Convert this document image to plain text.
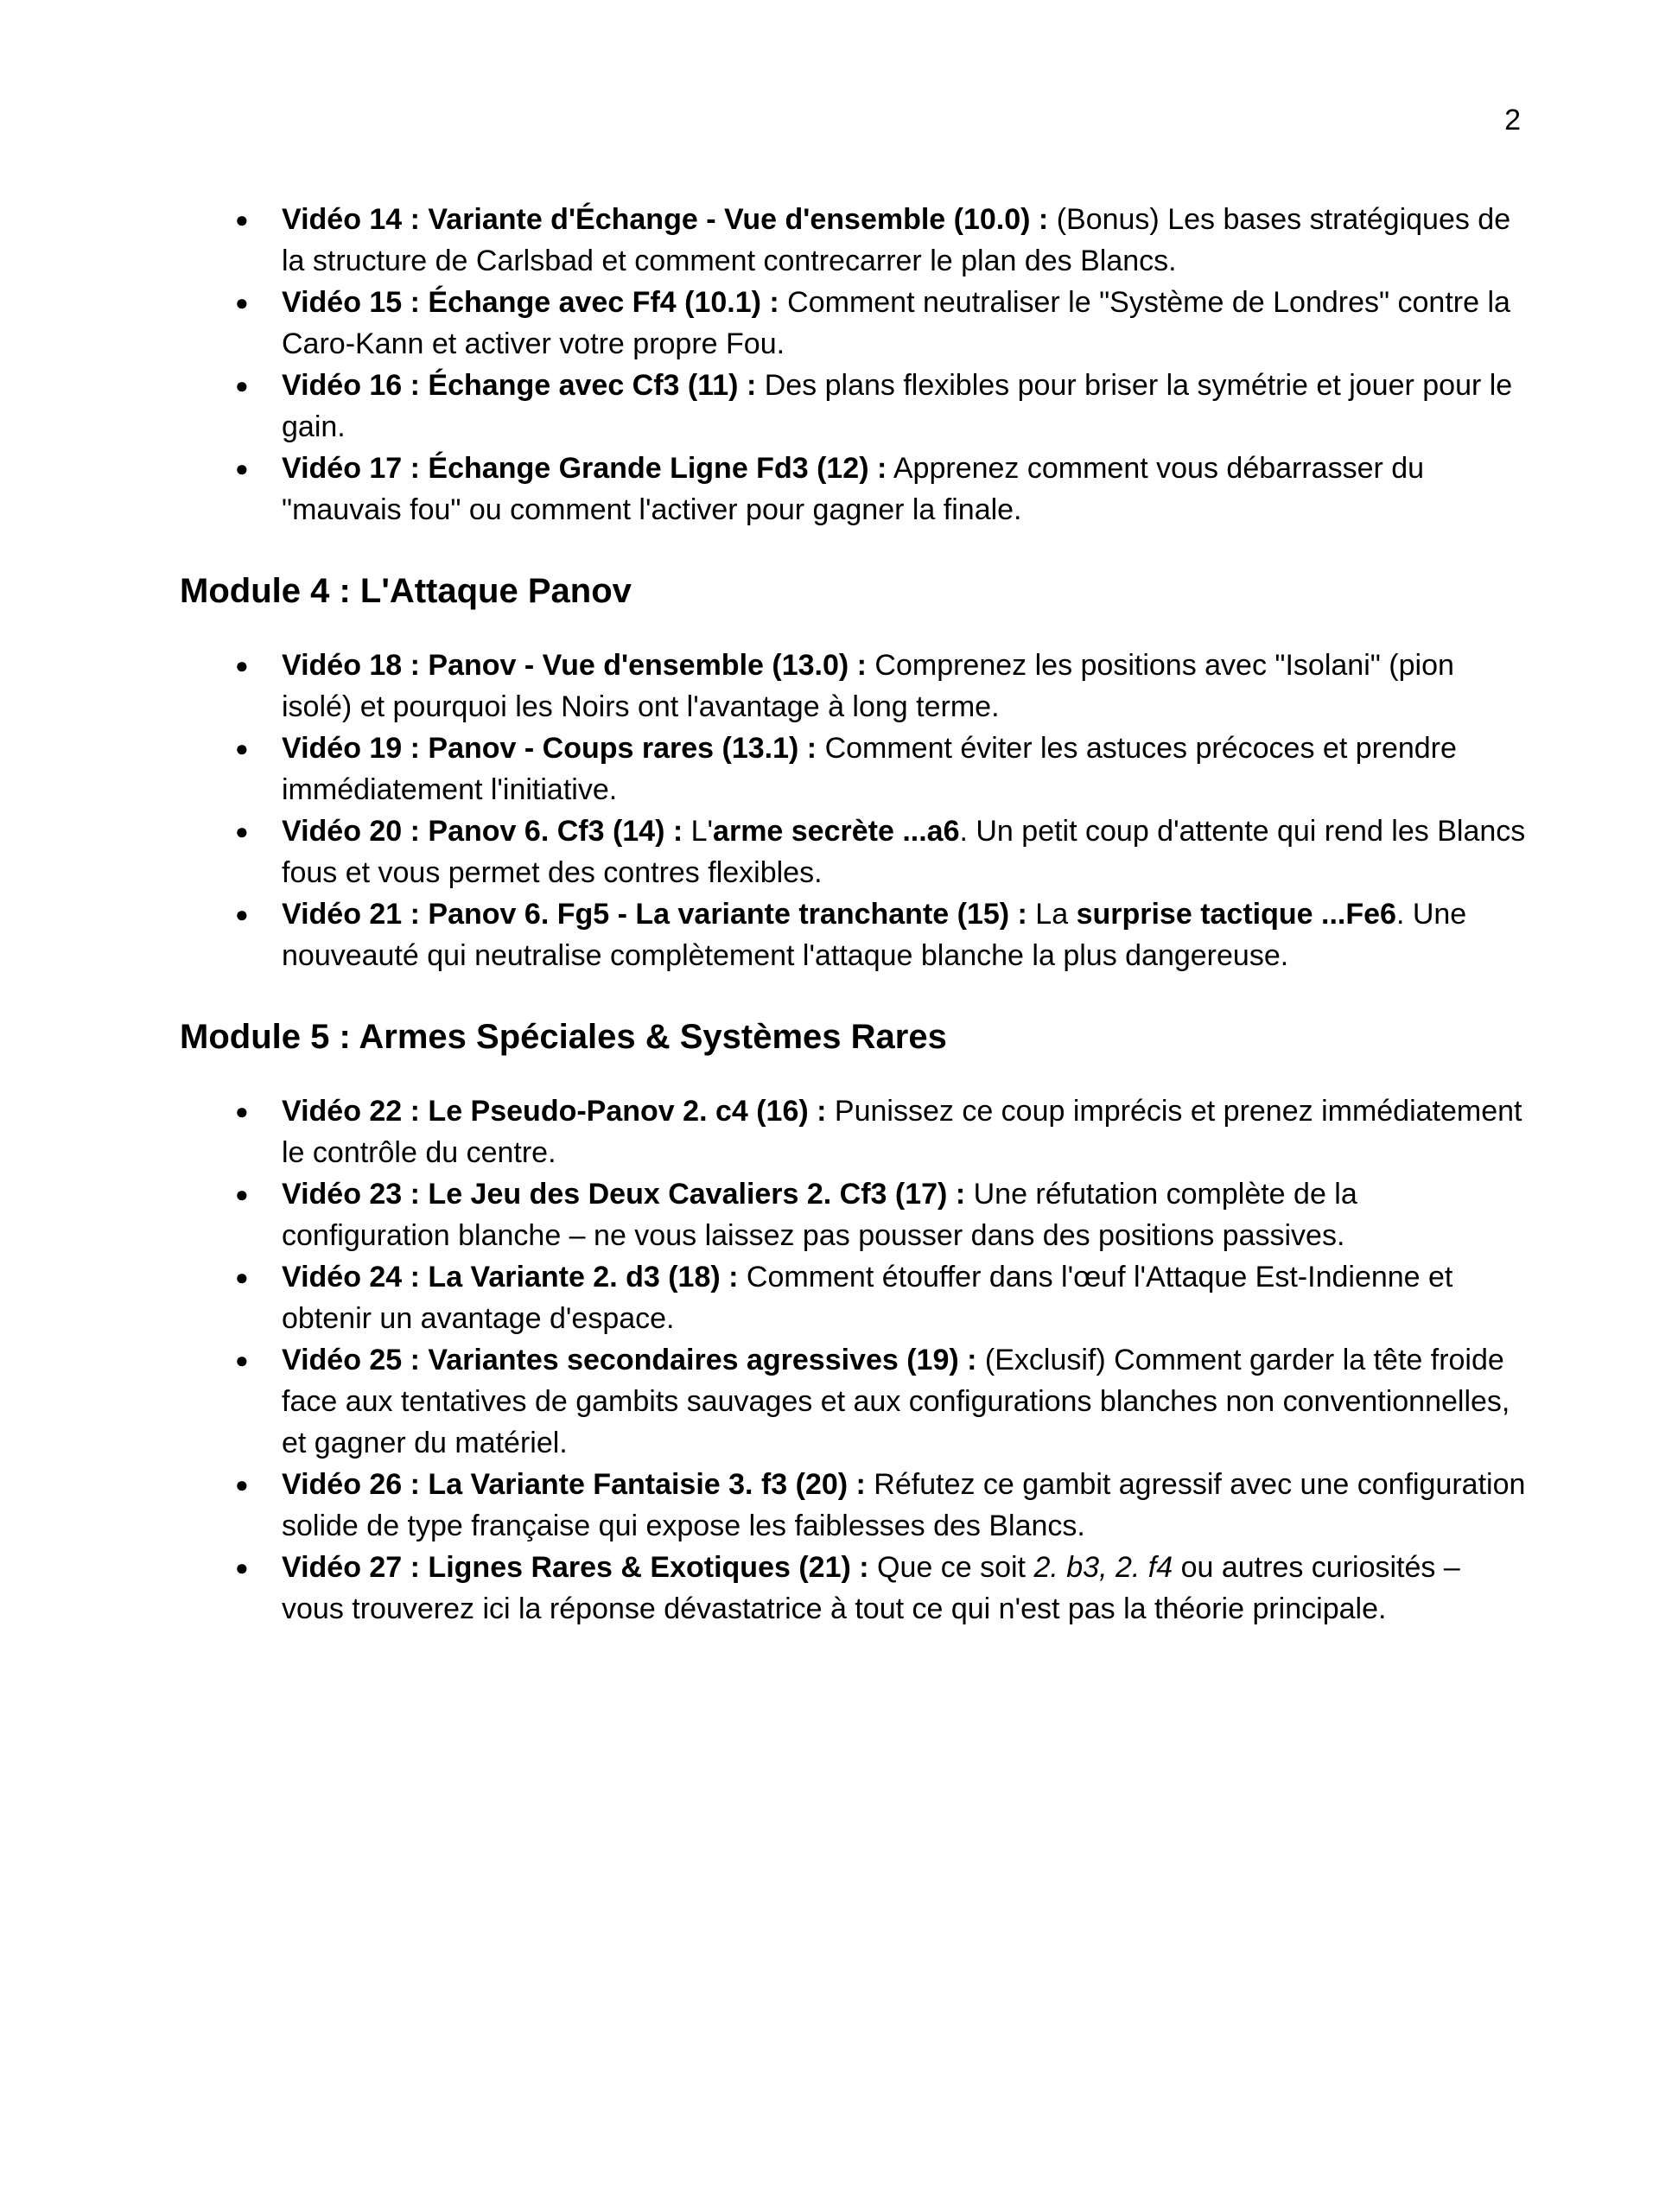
2
● Vidéo 14 : Variante d'Échange - Vue d'ensemble (10.0) : (Bonus) Les bases stratégiques de la structure de Carlsbad et comment contrecarrer le plan des Blancs.
● Vidéo 15 : Échange avec Ff4 (10.1) : Comment neutraliser le "Système de Londres" contre la Caro-Kann et activer votre propre Fou.
● Vidéo 16 : Échange avec Cf3 (11) : Des plans flexibles pour briser la symétrie et jouer pour le gain.
● Vidéo 17 : Échange Grande Ligne Fd3 (12) : Apprenez comment vous débarrasser du "mauvais fou" ou comment l'activer pour gagner la finale.
Module 4 : L'Attaque Panov
● Vidéo 18 : Panov - Vue d'ensemble (13.0) : Comprenez les positions avec "Isolani" (pion isolé) et pourquoi les Noirs ont l'avantage à long terme.
● Vidéo 19 : Panov - Coups rares (13.1) : Comment éviter les astuces précoces et prendre immédiatement l'initiative.
● Vidéo 20 : Panov 6. Cf3 (14) : L'arme secrète ...a6. Un petit coup d'attente qui rend les Blancs fous et vous permet des contres flexibles.
● Vidéo 21 : Panov 6. Fg5 - La variante tranchante (15) : La surprise tactique ...Fe6. Une nouveauté qui neutralise complètement l'attaque blanche la plus dangereuse.
Module 5 : Armes Spéciales & Systèmes Rares
● Vidéo 22 : Le Pseudo-Panov 2. c4 (16) : Punissez ce coup imprécis et prenez immédiatement le contrôle du centre.
● Vidéo 23 : Le Jeu des Deux Cavaliers 2. Cf3 (17) : Une réfutation complète de la configuration blanche – ne vous laissez pas pousser dans des positions passives.
● Vidéo 24 : La Variante 2. d3 (18) : Comment étouffer dans l'œuf l'Attaque Est-Indienne et obtenir un avantage d'espace.
● Vidéo 25 : Variantes secondaires agressives (19) : (Exclusif) Comment garder la tête froide face aux tentatives de gambits sauvages et aux configurations blanches non conventionnelles, et gagner du matériel.
● Vidéo 26 : La Variante Fantaisie 3. f3 (20) : Réfutez ce gambit agressif avec une configuration solide de type française qui expose les faiblesses des Blancs.
● Vidéo 27 : Lignes Rares & Exotiques (21) : Que ce soit 2. b3, 2. f4 ou autres curiosités – vous trouverez ici la réponse dévastatrice à tout ce qui n'est pas la théorie principale.
